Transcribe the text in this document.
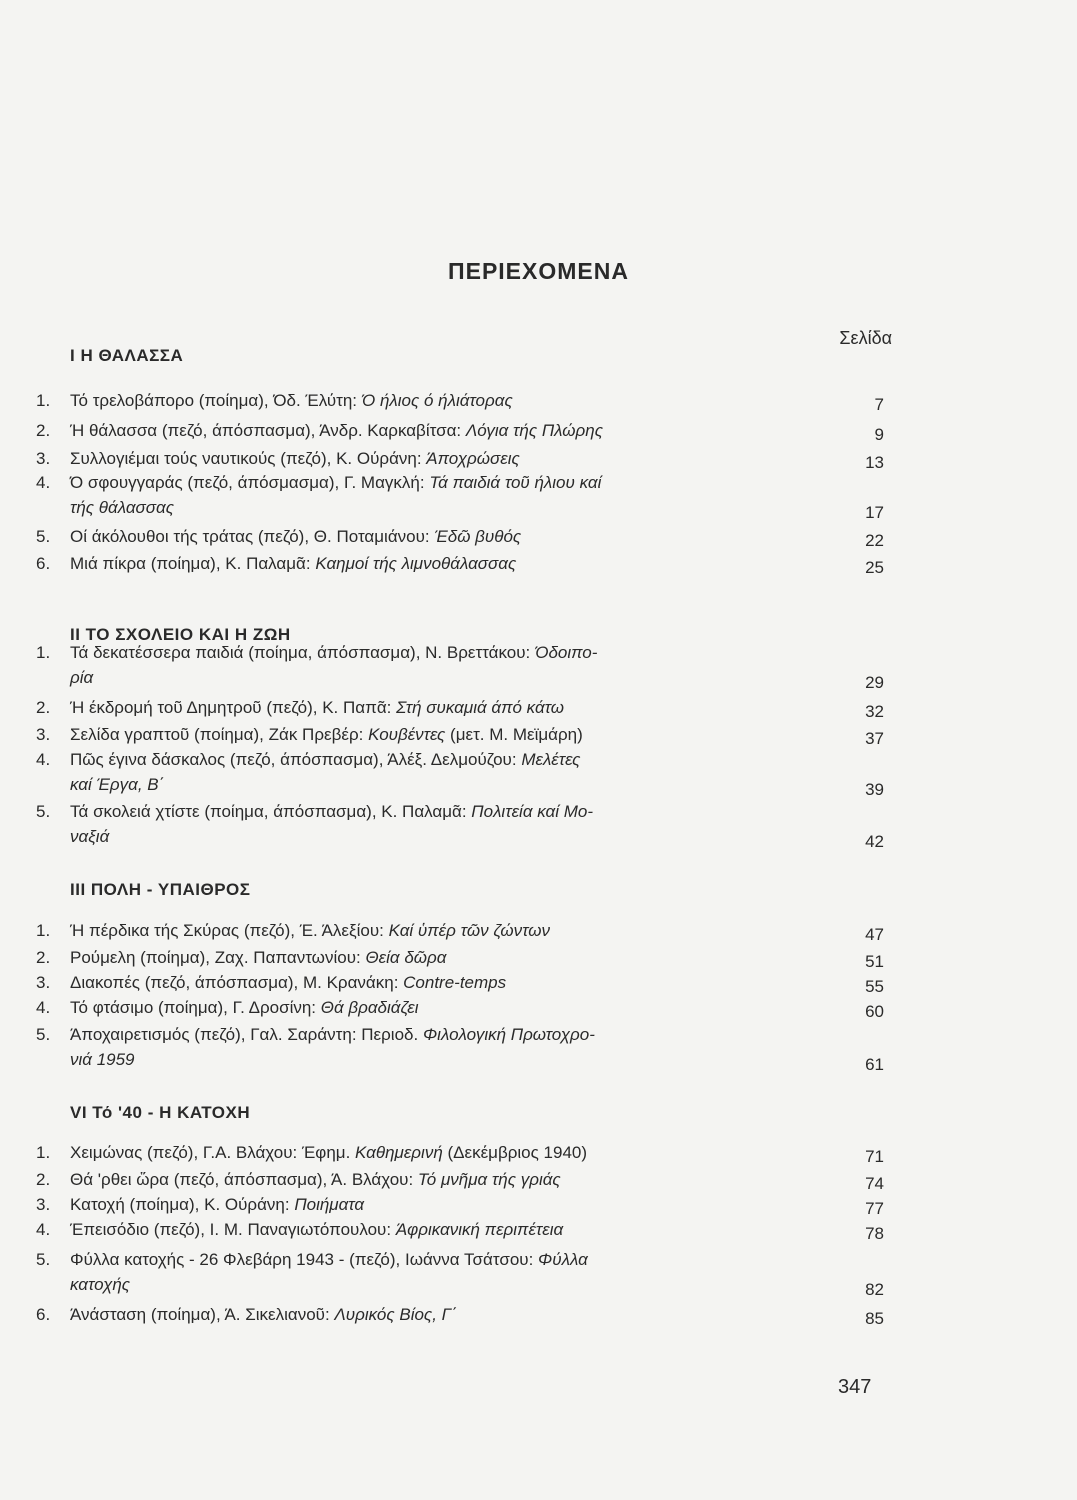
ΠΕΡΙΕΧΟΜΕΝΑ
Σελίδα
I Η ΘΑΛΑΣΣΑ
1.	Τό τρελοβάπορο (ποίημα), Όδ. Έλύτη: Ό ήλιος ό ήλιάτορας	7
2.	Ή θάλασσα (πεζό, άπόσπασμα), Άνδρ. Καρκαβίτσα: Λόγια τής Πλώρης	9
3.	Συλλογιέμαι τούς ναυτικούς (πεζό), Κ. Ούράνη: Άποχρώσεις	13
4.	Ό σφουγγαράς (πεζό, άπόσμασμα), Γ. Μαγκλή: Τά παιδιά τοῦ ήλιου καί
τής θάλασσας	17
5.	Οί άκόλουθοι τής τράτας (πεζό), Θ. Ποταμιάνου: Έδῶ βυθός	22
6.	Μιά πίκρα (ποίημα), Κ. Παλαμᾶ: Καημοί τής λιμνοθάλασσας	25
II ΤΟ ΣΧΟΛΕΙΟ ΚΑΙ Η ΖΩΗ
1.	Τά δεκατέσσερα παιδιά (ποίημα, άπόσπασμα), Ν. Βρεττάκου: Όδοιπο-
ρία	29
2.	Ή έκδρομή τοῦ Δημητροῦ (πεζό), Κ. Παπᾶ: Στή συκαμιά άπό κάτω	32
3.	Σελίδα γραπτοῦ (ποίημα), Ζάκ Πρεβέρ: Κουβέντες (μετ. Μ. Μεϊμάρη)	37
4.	Πῶς έγινα δάσκαλος (πεζό, άπόσπασμα), Άλέξ. Δελμούζου: Μελέτες
καί Έργα, Β΄	39
5.	Τά σκολειά χτίστε (ποίημα, άπόσπασμα), Κ. Παλαμᾶ: Πολιτεία καί Μο-
ναξιά	42
III ΠΟΛΗ - ΥΠΑΙΘΡΟΣ
1.	Ή πέρδικα τής Σκύρας (πεζό), Έ. Άλεξίου: Καί ὑπέρ τῶν ζώντων	47
2.	Ρούμελη (ποίημα), Ζαχ. Παπαντωνίου: Θεία δῶρα	51
3.	Διακοπές (πεζό, άπόσπασμα), Μ. Κρανάκη: Contre-temps	55
4.	Τό φτάσιμο (ποίημα), Γ. Δροσίνη: Θά βραδιάζει	60
5.	Άποχαιρετισμός (πεζό), Γαλ. Σαράντη: Περιοδ. Φιλολογική Πρωτοχρο-
νιά 1959	61
VI Τό '40 - Η ΚΑΤΟΧΗ
1.	Χειμώνας (πεζό), Γ.Α. Βλάχου: Έφημ. Καθημερινή (Δεκέμβριος 1940)	71
2.	Θά 'ρθει ὥρα (πεζό, άπόσπασμα), Ά. Βλάχου: Τό μνῆμα τής γριάς	74
3.	Κατοχή (ποίημα), Κ. Ούράνη: Ποιήματα	77
4.	Έπεισόδιο (πεζό), Ι. Μ. Παναγιωτόπουλου: Άφρικανική περιπέτεια	78
5.	Φύλλα κατοχής - 26 Φλεβάρη 1943 - (πεζό), Ιωάννα Τσάτσου: Φύλλα
κατοχής	82
6.	Άνάσταση (ποίημα), Ά. Σικελιανοῦ: Λυρικός Βίος, Γ΄	85
347
